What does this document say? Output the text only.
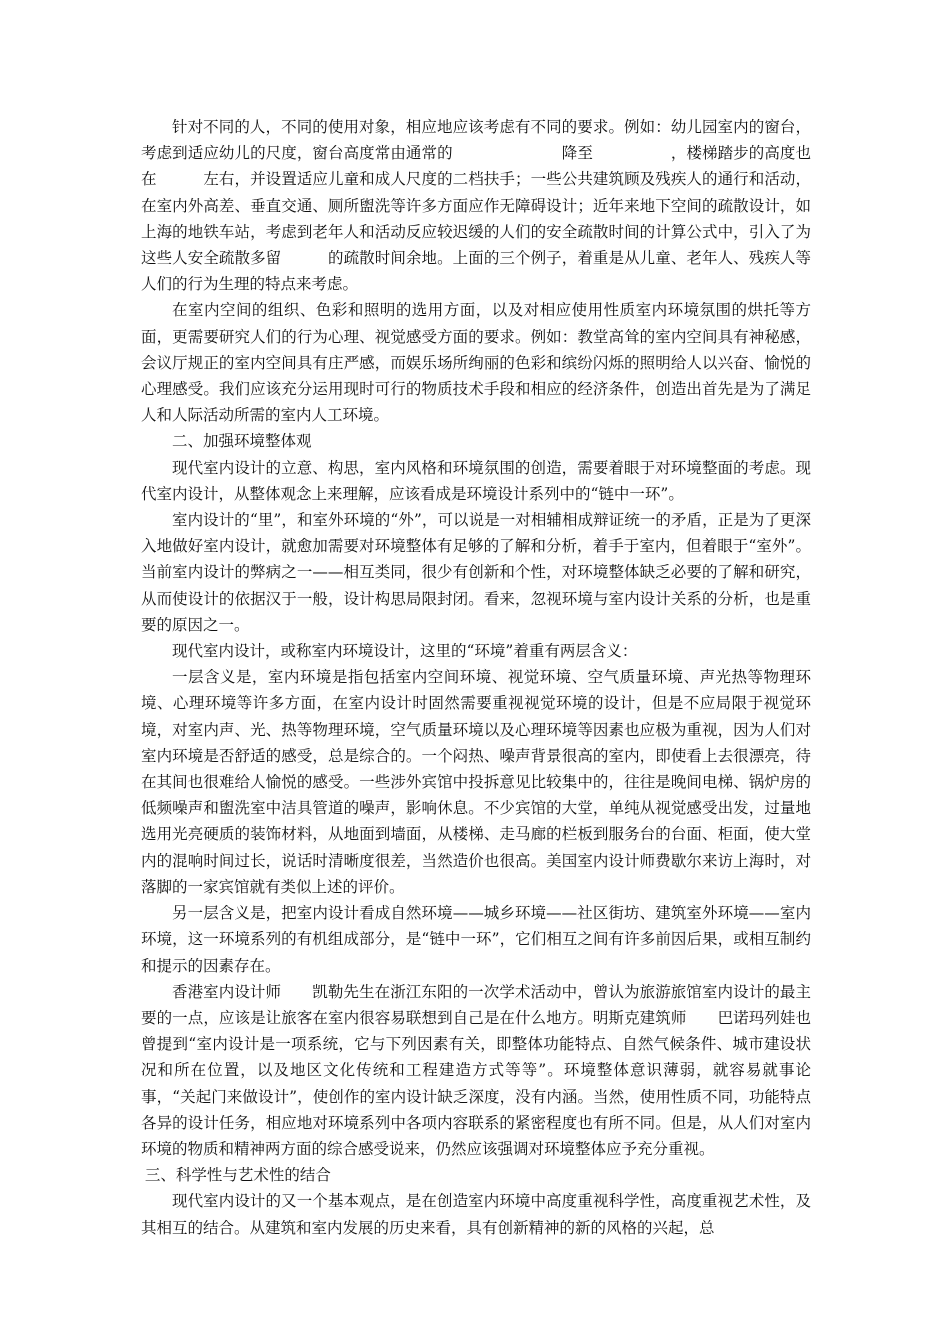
针对不同的人，不同的使用对象，相应地应该考虑有不同的要求。例如：幼儿园室内的窗台，考虑到适应幼儿的尺度，窗台高度常由通常的　　　　　　　降至　　　　　，楼梯踏步的高度也在　　　左右，并设置适应儿童和成人尺度的二档扶手；一些公共建筑顾及残疾人的通行和活动，在室内外高差、垂直交通、厕所盥洗等许多方面应作无障碍设计；近年来地下空间的疏散设计，如上海的地铁车站，考虑到老年人和活动反应较迟缓的人们的安全疏散时间的计算公式中，引入了为这些人安全疏散多留　　　的疏散时间余地。上面的三个例子，着重是从儿童、老年人、残疾人等人们的行为生理的特点来考虑。

在室内空间的组织、色彩和照明的选用方面，以及对相应使用性质室内环境氛围的烘托等方面，更需要研究人们的行为心理、视觉感受方面的要求。例如：教堂高耸的室内空间具有神秘感，会议厅规正的室内空间具有庄严感，而娱乐场所绚丽的色彩和缤纷闪烁的照明给人以兴奋、愉悦的心理感受。我们应该充分运用现时可行的物质技术手段和相应的经济条件，创造出首先是为了满足人和人际活动所需的室内人工环境。

二、加强环境整体观

现代室内设计的立意、构思，室内风格和环境氛围的创造，需要着眼于对环境整面的考虑。现代室内设计，从整体观念上来理解，应该看成是环境设计系列中的“链中一环”。

室内设计的“里”，和室外环境的“外”，可以说是一对相辅相成辩证统一的矛盾，正是为了更深入地做好室内设计，就愈加需要对环境整体有足够的了解和分析，着手于室内，但着眼于“室外”。当前室内设计的弊病之一——相互类同，很少有创新和个性，对环境整体缺乏必要的了解和研究，从而使设计的依据汉于一般，设计构思局限封闭。看来，忽视环境与室内设计关系的分析，也是重要的原因之一。

现代室内设计，或称室内环境设计，这里的“环境”着重有两层含义：

一层含义是，室内环境是指包括室内空间环境、视觉环境、空气质量环境、声光热等物理环境、心理环境等许多方面，在室内设计时固然需要重视视觉环境的设计，但是不应局限于视觉环境，对室内声、光、热等物理环境，空气质量环境以及心理环境等因素也应极为重视，因为人们对室内环境是否舒适的感受，总是综合的。一个闷热、噪声背景很高的室内，即使看上去很漂亮，待在其间也很难给人愉悦的感受。一些涉外宾馆中投拆意见比较集中的，往往是晚间电梯、锅炉房的低频噪声和盥洗室中洁具管道的噪声，影响休息。不少宾馆的大堂，单纯从视觉感受出发，过量地选用光亮硬质的装饰材料，从地面到墙面，从楼梯、走马廊的栏板到服务台的台面、柜面，使大堂内的混响时间过长，说话时清晰度很差，当然造价也很高。美国室内设计师费歇尔来访上海时，对落脚的一家宾馆就有类似上述的评价。

另一层含义是，把室内设计看成自然环境——城乡环境——社区街坊、建筑室外环境——室内环境，这一环境系列的有机组成部分，是“链中一环”，它们相互之间有许多前因后果，或相互制约和提示的因素存在。

香港室内设计师　　凯勒先生在浙江东阳的一次学术活动中，曾认为旅游旅馆室内设计的最主要的一点，应该是让旅客在室内很容易联想到自己是在什么地方。明斯克建筑师　　巴诺玛列娃也曾提到“室内设计是一项系统，它与下列因素有关，即整体功能特点、自然气候条件、城市建设状况和所在位置，以及地区文化传统和工程建造方式等等”。环境整体意识薄弱，就容易就事论事，“关起门来做设计”，使创作的室内设计缺乏深度，没有内涵。当然，使用性质不同，功能特点各异的设计任务，相应地对环境系列中各项内容联系的紧密程度也有所不同。但是，从人们对室内环境的物质和精神两方面的综合感受说来，仍然应该强调对环境整体应予充分重视。

三、科学性与艺术性的结合

现代室内设计的又一个基本观点，是在创造室内环境中高度重视科学性，高度重视艺术性，及其相互的结合。从建筑和室内发展的历史来看，具有创新精神的新的风格的兴起，总
